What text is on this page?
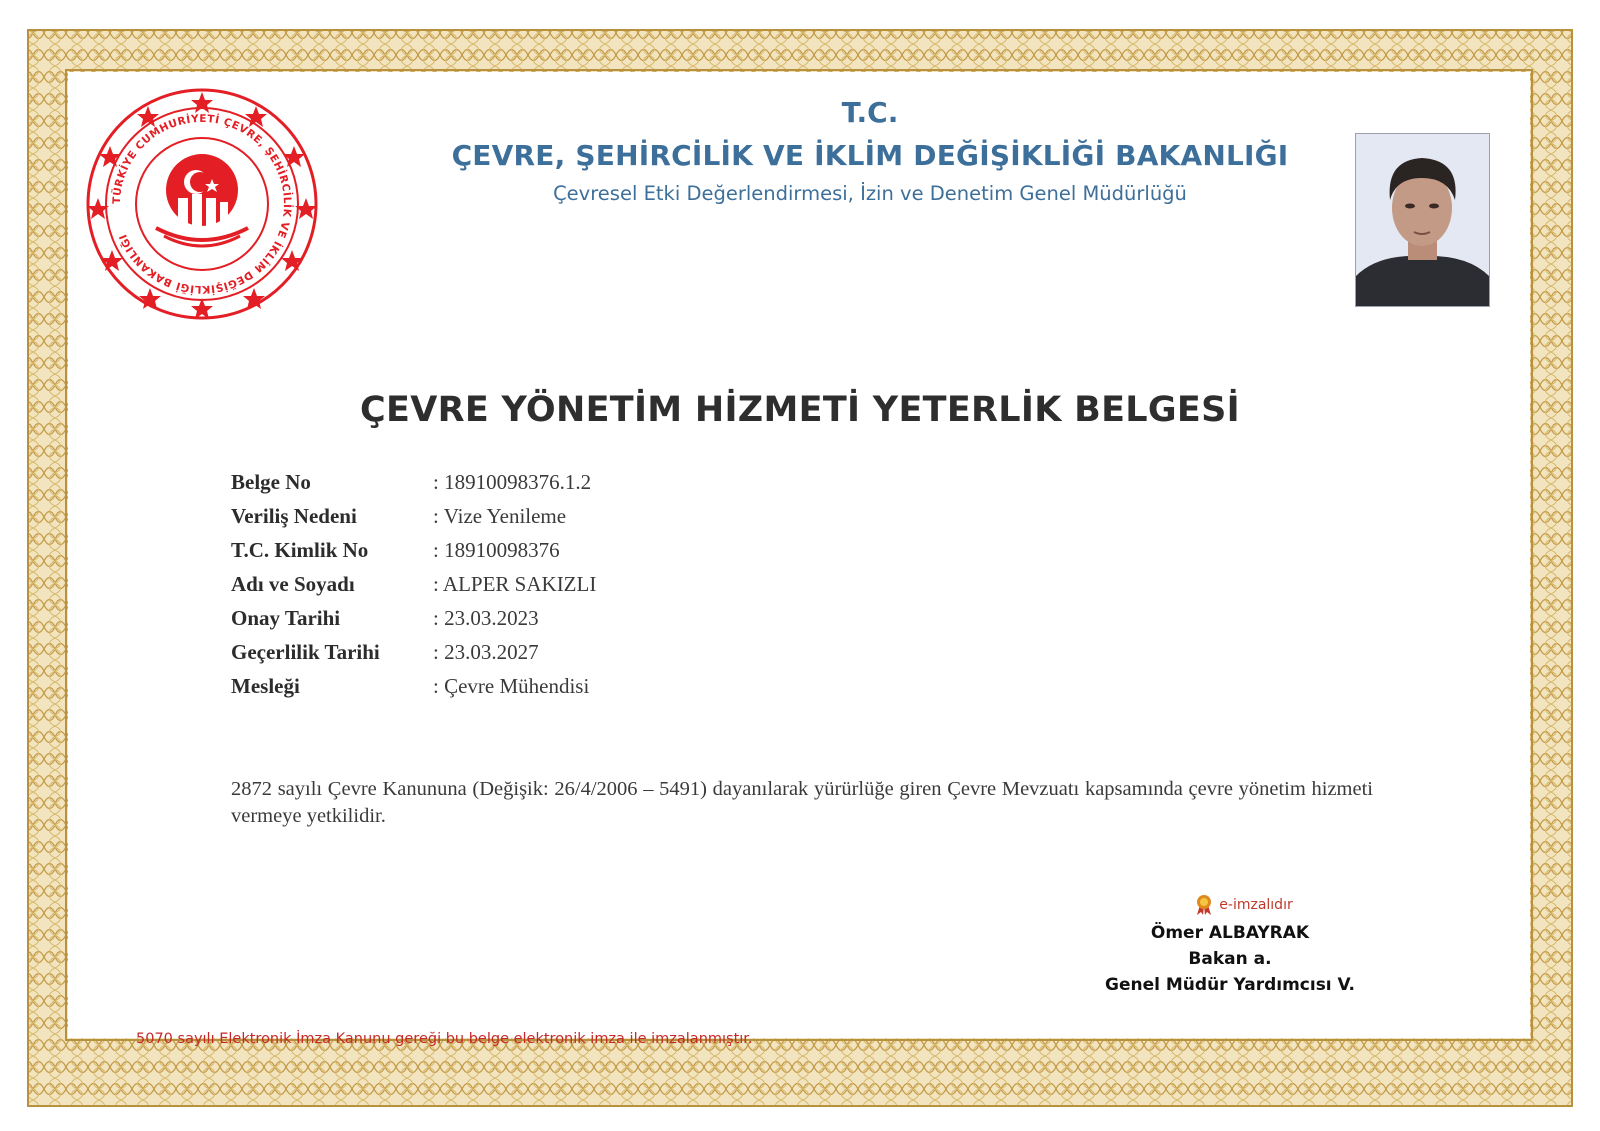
TÜRKİYE CUMHURİYETİ ÇEVRE, ŞEHİRCİLİK VE İKLİM DEĞİŞİKLİĞİ BAKANLIĞI
T.C.
ÇEVRE, ŞEHİRCİLİK VE İKLİM DEĞİŞİKLİĞİ BAKANLIĞI
Çevresel Etki Değerlendirmesi, İzin ve Denetim Genel Müdürlüğü
ÇEVRE YÖNETİM HİZMETİ YETERLİK BELGESİ
Belge No	: 18910098376.1.2
Veriliş Nedeni	: Vize Yenileme
T.C. Kimlik No	: 18910098376
Adı ve Soyadı	: ALPER SAKIZLI
Onay Tarihi	: 23.03.2023
Geçerlilik Tarihi	: 23.03.2027
Mesleği	: Çevre Mühendisi
2872 sayılı Çevre Kanununa (Değişik: 26/4/2006 – 5491) dayanılarak yürürlüğe giren Çevre Mevzuatı kapsamında çevre yönetim hizmeti vermeye yetkilidir.
e-imzalıdır
Ömer ALBAYRAK
Bakan a.
Genel Müdür Yardımcısı V.
5070 sayılı Elektronik İmza Kanunu gereği bu belge elektronik imza ile imzalanmıştır.
